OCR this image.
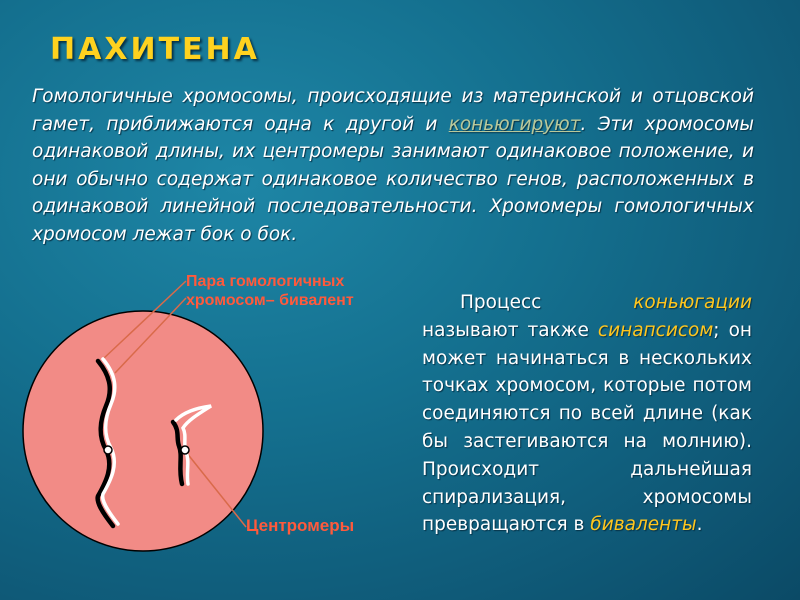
ПАХИТЕНА
Гомологичные хромосомы, происходящие из материнской и отцовской гамет, приближаются одна к другой и коньюгируют. Эти хромосомы одинаковой длины, их центромеры занимают одинаковое положение, и они обычно содержат одинаковое количество генов, расположенных в одинаковой линейной последовательности. Хромомеры гомологичных хромосом лежат бок о бок.
Процесс коньюгации называют также синапсисом; он может начинаться в нескольких точках хромосом, которые потом соединяются по всей длине (как бы застегиваются на молнию). Происходит дальнейшая спирализация, хромосомы превращаются в биваленты.
Пара гомологичных
хромосом– бивалент
Центромеры
